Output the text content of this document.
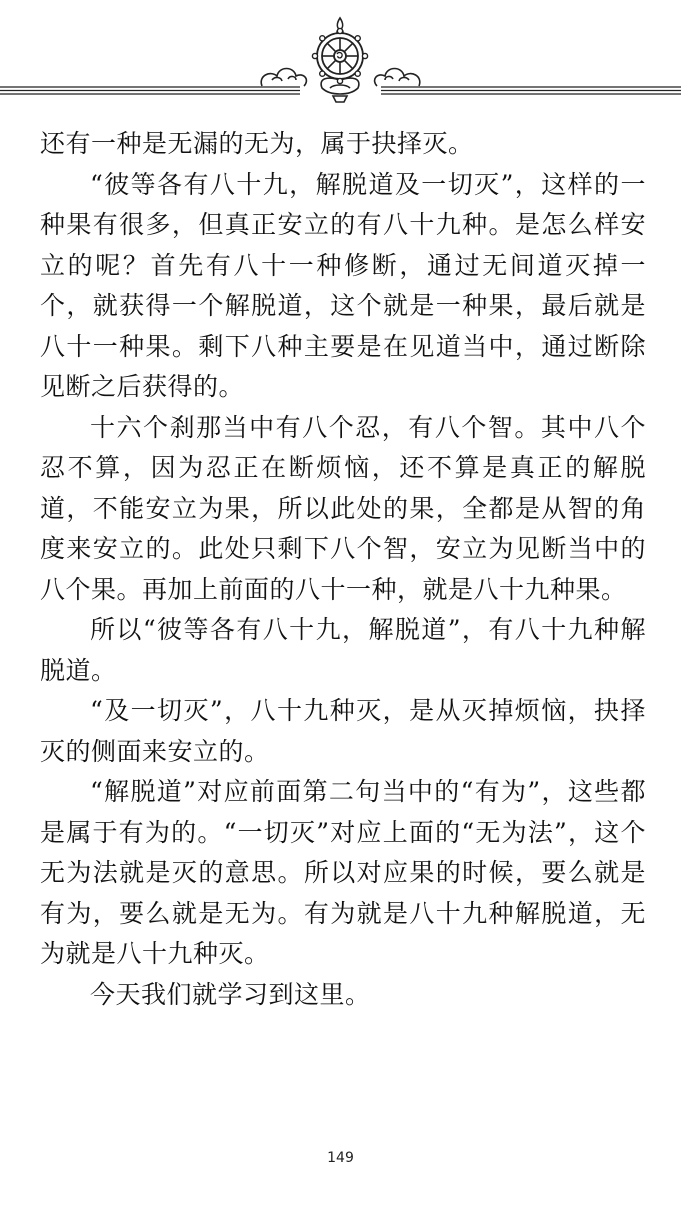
还有一种是无漏的无为，属于抉择灭。

“彼等各有八十九，解脱道及一切灭”，这样的一种果有很多，但真正安立的有八十九种。是怎么样安立的呢？首先有八十一种修断，通过无间道灭掉一个，就获得一个解脱道，这个就是一种果，最后就是八十一种果。剩下八种主要是在见道当中，通过断除见断之后获得的。

十六个刹那当中有八个忍，有八个智。其中八个忍不算，因为忍正在断烦恼，还不算是真正的解脱道，不能安立为果，所以此处的果，全都是从智的角度来安立的。此处只剩下八个智，安立为见断当中的八个果。再加上前面的八十一种，就是八十九种果。

所以“彼等各有八十九，解脱道”，有八十九种解脱道。

“及一切灭”，八十九种灭，是从灭掉烦恼，抉择灭的侧面来安立的。

“解脱道”对应前面第二句当中的“有为”，这些都是属于有为的。“一切灭”对应上面的“无为法”，这个无为法就是灭的意思。所以对应果的时候，要么就是有为，要么就是无为。有为就是八十九种解脱道，无为就是八十九种灭。

今天我们就学习到这里。

149
